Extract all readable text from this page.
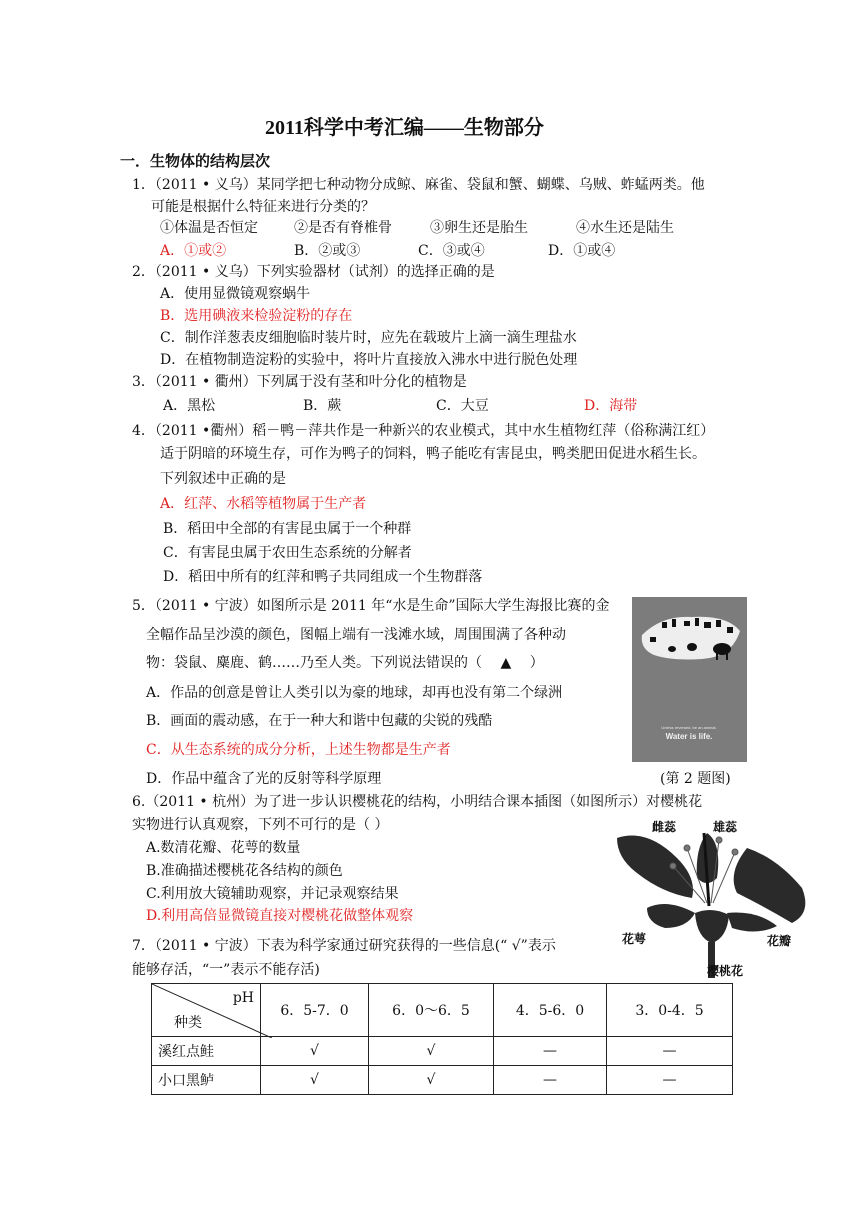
2011科学中考汇编——生物部分
一．生物体的结构层次
1．（2011 • 义乌）某同学把七种动物分成鲸、麻雀、袋鼠和蟹、蝴蝶、乌贼、蚱蜢两类。他
可能是根据什么特征来进行分类的？
①体温是否恒定	②是否有脊椎骨	③卵生还是胎生	④水生还是陆生
A．①或②	B．②或③	C．③或④	D．①或④
2．（2011 • 义乌）下列实验器材（试剂）的选择正确的是
A．使用显微镜观察蜗牛
B．选用碘液来检验淀粉的存在
C．制作洋葱表皮细胞临时装片时，应先在载玻片上滴一滴生理盐水
D．在植物制造淀粉的实验中，将叶片直接放入沸水中进行脱色处理
3．（2011 • 衢州）下列属于没有茎和叶分化的植物是
A．黑松	B．蕨	C．大豆	D．海带
4．（2011 •衢州）稻－鸭－萍共作是一种新兴的农业模式，其中水生植物红萍（俗称满江红）
适于阴暗的环境生存，可作为鸭子的饲料，鸭子能吃有害昆虫，鸭类肥田促进水稻生长。
下列叙述中正确的是
A．红萍、水稻等植物属于生产者
B．稻田中全部的有害昆虫属于一个种群
C．有害昆虫属于农田生态系统的分解者
D．稻田中所有的红萍和鸭子共同组成一个生物群落
5．（2011 • 宁波）如图所示是 2011 年“水是生命”国际大学生海报比赛的金
全幅作品呈沙漠的颜色，图幅上端有一浅滩水域，周围围满了各种动
物：袋鼠、麋鹿、鹤……乃至人类。下列说法错误的（ ▲ ）
A．作品的创意是曾让人类引以为豪的地球，却再也没有第二个绿洲
B．画面的震动感，在于一种大和谐中包藏的尖锐的残酷
C．从生态系统的成分分析，上述生物都是生产者
D．作品中蕴含了光的反射等科学原理	(第 2 题图)
Unless reversed, be an animal.
Water is life.
6.（2011 • 杭州）为了进一步认识樱桃花的结构，小明结合课本插图（如图所示）对樱桃花
实物进行认真观察，下列不可行的是（ ）
A.数清花瓣、花萼的数量
B.准确描述樱桃花各结构的颜色
C.利用放大镜辅助观察，并记录观察结果
D.利用高倍显微镜直接对樱桃花做整体观察
雌蕊	雄蕊
花萼	花瓣
樱桃花
7．（2011 • 宁波）下表为科学家通过研究获得的一些信息(“ √”表示
能够存活，“一”表示不能存活)
pH
种类	6．5-7．0	6．0～6．5	4．5-6．0	3．0-4．5
溪红点鲑	√	√	—	—
小口黑鲈	√	√	—	—
